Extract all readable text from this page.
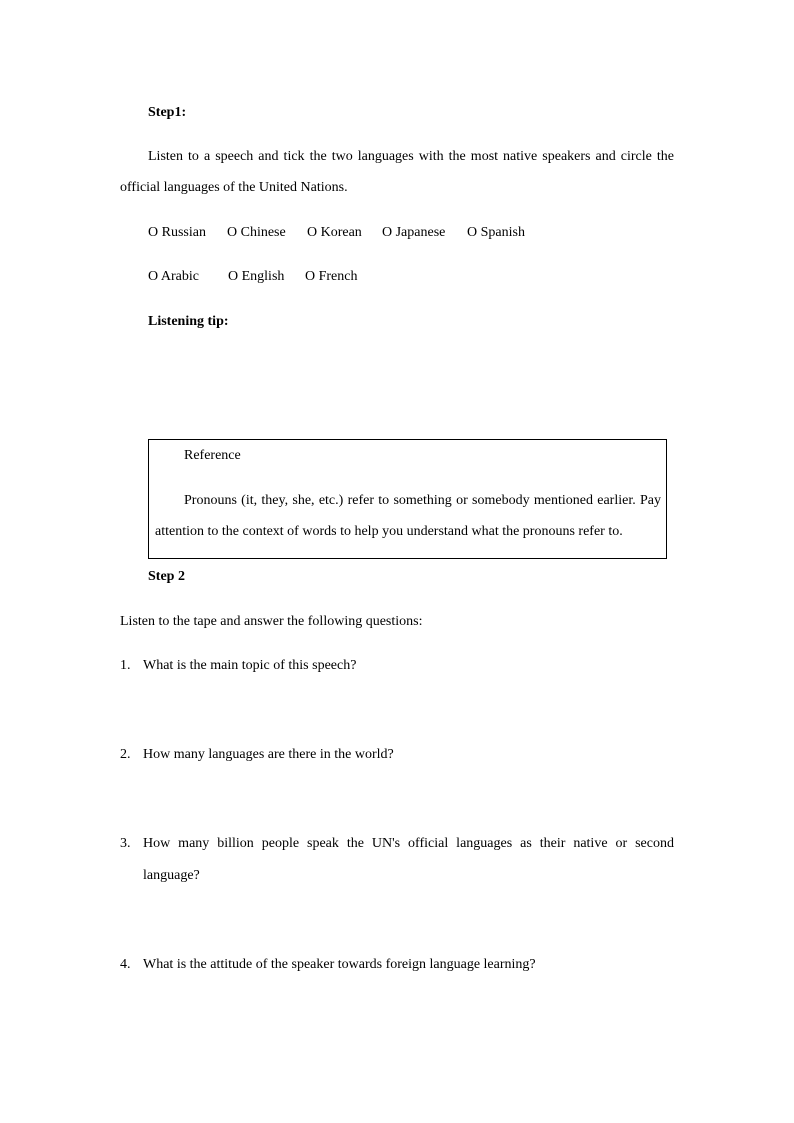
Step1:
Listen to a speech and tick the two languages with the most native speakers and circle the official languages of the United Nations.
O Russian O Chinese O Korean O Japanese O Spanish
O Arabic O English O French
Listening tip:
Reference
Pronouns (it, they, she, etc.) refer to something or somebody mentioned earlier. Pay attention to the context of words to help you understand what the pronouns refer to.
Step 2
Listen to the tape and answer the following questions:
1. What is the main topic of this speech?
2. How many languages are there in the world?
3. How many billion people speak the UN's official languages as their native or second language?
4. What is the attitude of the speaker towards foreign language learning?
